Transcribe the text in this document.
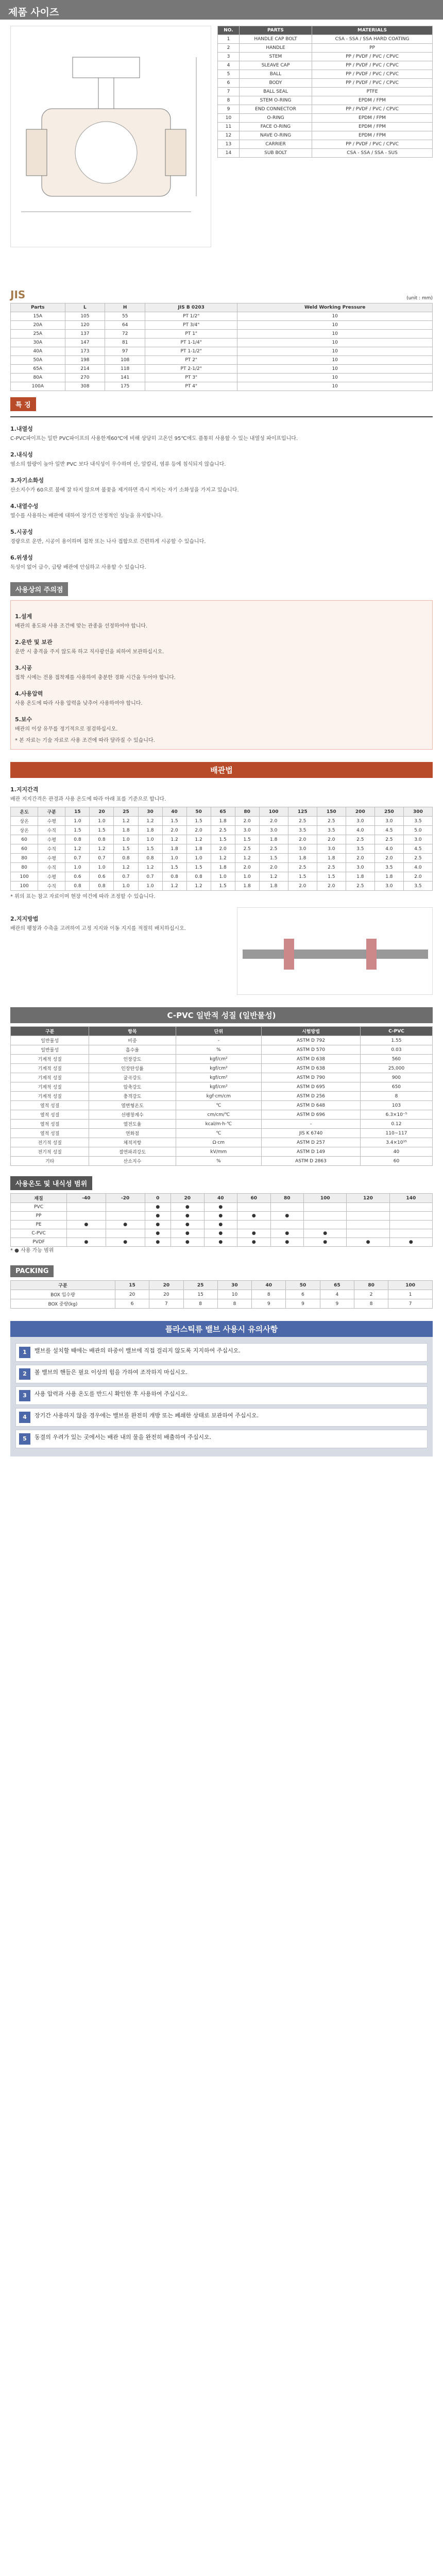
제품 사이즈
NO.	PARTS	MATERIALS
1	HANDLE CAP BOLT	CSA - SSA / SSA HARD COATING
2	HANDLE	PP
3	STEM	PP / PVDF / PVC / CPVC
4	SLEAVE CAP	PP / PVDF / PVC / CPVC
5	BALL	PP / PVDF / PVC / CPVC
6	BODY	PP / PVDF / PVC / CPVC
7	BALL SEAL	PTFE
8	STEM O-RING	EPDM / FPM
9	END CONNECTOR	PP / PVDF / PVC / CPVC
10	O-RING	EPDM / FPM
11	FACE O-RING	EPDM / FPM
12	NAVE O-RING	EPDM / FPM
13	CARRIER	PP / PVDF / PVC / CPVC
14	SUB BOLT	CSA - SSA / SSA - SUS
JIS	(unit : mm)
Parts	L	H	JIS B 0203	Weld Working Pressure
15A	105	55	PT 1/2"	10
20A	120	64	PT 3/4"	10
25A	137	72	PT 1"	10
30A	147	81	PT 1-1/4"	10
40A	173	97	PT 1-1/2"	10
50A	198	108	PT 2"	10
65A	214	118	PT 2-1/2"	10
80A	270	141	PT 3"	10
100A	308	175	PT 4"	10
특 징
1.내열성

C-PVC파이프는 일반 PVC파이프의 사용한계60℃에 비해 상당히 고온인 95℃에도 플통히 사용할 수 있는 내열성 파이프입니다.

2.내식성

염소의 함량이 높아 일반 PVC 보다 내식성이 우수하며 산, 알칼리, 염류 등에 침식되지 않습니다.

3.자기소화성

산소지수가 60으로 불에 잘 타지 않으며 불꽃을 제거하면 즉시 꺼지는 자기 소화성을 가지고 있습니다.

4.내열수성

열수를 사용하는 배관에 대하여 장기간 안정적인 성능을 유지합니다.

5.시공성

경량으로 운반, 시공이 용이하며 접착 또는 나사 접합으로 간편하게 시공할 수 있습니다.

6.위생성

독성이 없어 급수, 급탕 배관에 안심하고 사용할 수 있습니다.

사용상의 주의점
1.설계

배관의 용도와 사용 조건에 맞는 관종을 선정하여야 합니다.

2.운반 및 보관

운반 시 충격을 주지 않도록 하고 직사광선을 피하여 보관하십시오.

3.시공

접착 시에는 전용 접착제를 사용하여 충분한 경화 시간을 두어야 합니다.

4.사용압력

사용 온도에 따라 사용 압력을 낮추어 사용하여야 합니다.

5.보수

배관의 이상 유무를 정기적으로 점검하십시오.

* 본 자료는 기술 자료로 사용 조건에 따라 달라질 수 있습니다.

배관법
1.지지간격

배관 지지간격은 관경과 사용 온도에 따라 아래 표를 기준으로 합니다.

온도	구분	15	20	25	30	40	50	65	80	100	125	150	200	250	300
상온	수평	1.0	1.0	1.2	1.2	1.5	1.5	1.8	2.0	2.0	2.5	2.5	3.0	3.0	3.5
상온	수직	1.5	1.5	1.8	1.8	2.0	2.0	2.5	3.0	3.0	3.5	3.5	4.0	4.5	5.0
60	수평	0.8	0.8	1.0	1.0	1.2	1.2	1.5	1.5	1.8	2.0	2.0	2.5	2.5	3.0
60	수직	1.2	1.2	1.5	1.5	1.8	1.8	2.0	2.5	2.5	3.0	3.0	3.5	4.0	4.5
80	수평	0.7	0.7	0.8	0.8	1.0	1.0	1.2	1.2	1.5	1.8	1.8	2.0	2.0	2.5
80	수직	1.0	1.0	1.2	1.2	1.5	1.5	1.8	2.0	2.0	2.5	2.5	3.0	3.5	4.0
100	수평	0.6	0.6	0.7	0.7	0.8	0.8	1.0	1.0	1.2	1.5	1.5	1.8	1.8	2.0
100	수직	0.8	0.8	1.0	1.0	1.2	1.2	1.5	1.8	1.8	2.0	2.0	2.5	3.0	3.5

* 위의 표는 참고 자료이며 현장 여건에 따라 조정할 수 있습니다.

2.지지방법

배관의 팽창과 수축을 고려하여 고정 지지와 이동 지지를 적절히 배치하십시오.

C-PVC 일반적 성질 (일반물성)
구분	항목	단위	시험방법	C-PVC
일반물성	비중	-	ASTM D 792	1.55
일반물성	흡수율	%	ASTM D 570	0.03
기계적 성질	인장강도	kgf/cm²	ASTM D 638	560
기계적 성질	인장탄성률	kgf/cm²	ASTM D 638	25,000
기계적 성질	굴곡강도	kgf/cm²	ASTM D 790	900
기계적 성질	압축강도	kgf/cm²	ASTM D 695	650
기계적 성질	충격강도	kgf·cm/cm	ASTM D 256	8
열적 성질	열변형온도	℃	ASTM D 648	103
열적 성질	선팽창계수	cm/cm/℃	ASTM D 696	6.3×10⁻⁵
열적 성질	열전도율	kcal/m·h·℃	-	0.12
열적 성질	연화점	℃	JIS K 6740	110~117
전기적 성질	체적저항	Ω·cm	ASTM D 257	3.4×10¹⁵
전기적 성질	절연파괴강도	kV/mm	ASTM D 149	40
기타	산소지수	%	ASTM D 2863	60
사용온도 및 내식성 범위
재질	-40	-20	0	20	40	60	80	100	120	140
PVC			●	●	●					
PP			●	●	●	●	●			
PE	●	●	●	●	●					
C-PVC			●	●	●	●	●	●		
PVDF	●	●	●	●	●	●	●	●	●	●

* ● 사용 가능 범위

PACKING
구분	15	20	25	30	40	50	65	80	100
BOX 입수량	20	20	15	10	8	6	4	2	1
BOX 중량(kg)	6	7	8	8	9	9	9	8	7
플라스틱류 밸브 사용시 유의사항
1	밸브를 설치할 때에는 배관의 하중이 밸브에 직접 걸리지 않도록 지지하여 주십시오.
2	볼 밸브의 핸들은 필요 이상의 힘을 가하여 조작하지 마십시오.
3	사용 압력과 사용 온도를 반드시 확인한 후 사용하여 주십시오.
4	장기간 사용하지 않을 경우에는 밸브를 완전히 개방 또는 폐쇄한 상태로 보관하여 주십시오.
5	동결의 우려가 있는 곳에서는 배관 내의 물을 완전히 배출하여 주십시오.
